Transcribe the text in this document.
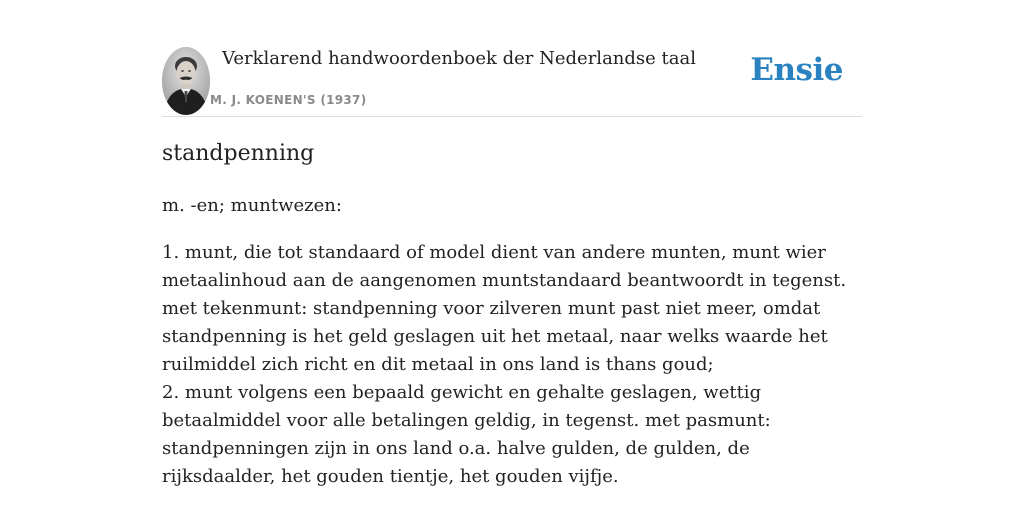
Verklarend handwoordenboek der Nederlandse taal
M. J. KOENEN'S (1937)
Ensie
standpenning

m. -en; muntwezen:

1. munt, die tot standaard of model dient van andere munten, munt wier metaalinhoud aan de aangenomen muntstandaard beantwoordt in tegenst. met tekenmunt: standpenning voor zilveren munt past niet meer, omdat standpenning is het geld geslagen uit het metaal, naar welks waarde het ruilmiddel zich richt en dit metaal in ons land is thans goud;
2. munt volgens een bepaald gewicht en gehalte geslagen, wettig betaalmiddel voor alle betalingen geldig, in tegenst. met pasmunt: standpenningen zijn in ons land o.a. halve gulden, de gulden, de rijksdaalder, het gouden tientje, het gouden vijfje.
